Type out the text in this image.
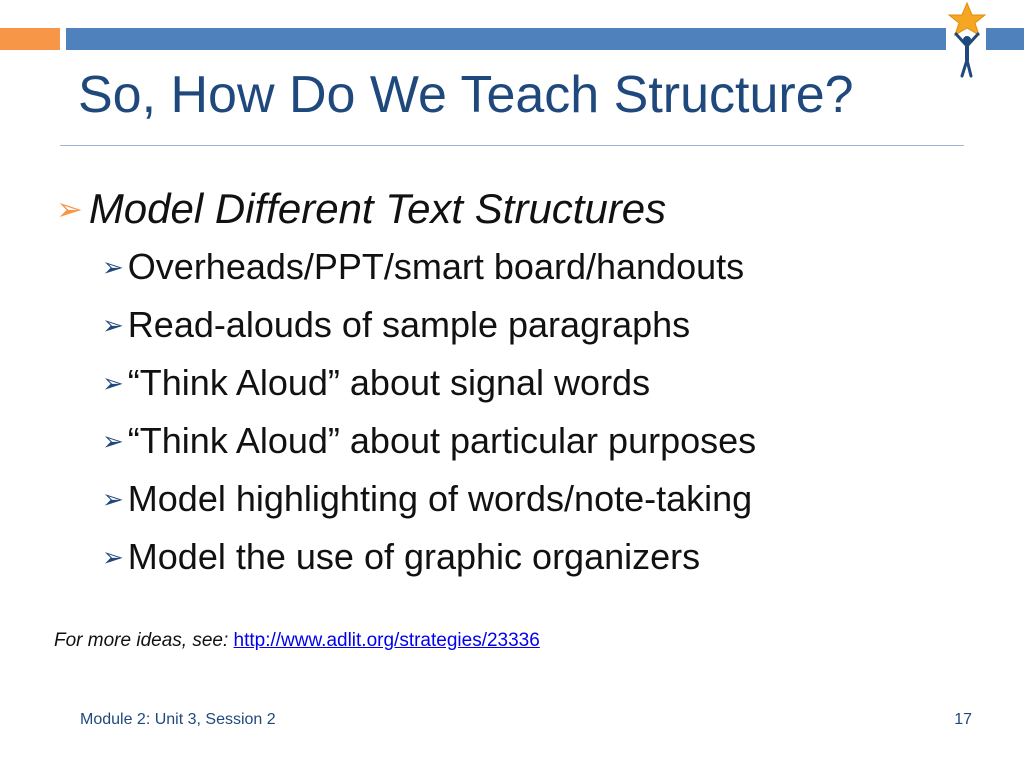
So, How Do We Teach Structure?
➢ Model Different Text Structures
➢ Overheads/PPT/smart board/handouts
➢ Read-alouds of sample paragraphs
➢ “Think Aloud” about signal words
➢ “Think Aloud” about particular purposes
➢ Model highlighting of words/note-taking
➢ Model the use of graphic organizers
For more ideas, see: http://www.adlit.org/strategies/23336
Module 2: Unit 3, Session 2	17
